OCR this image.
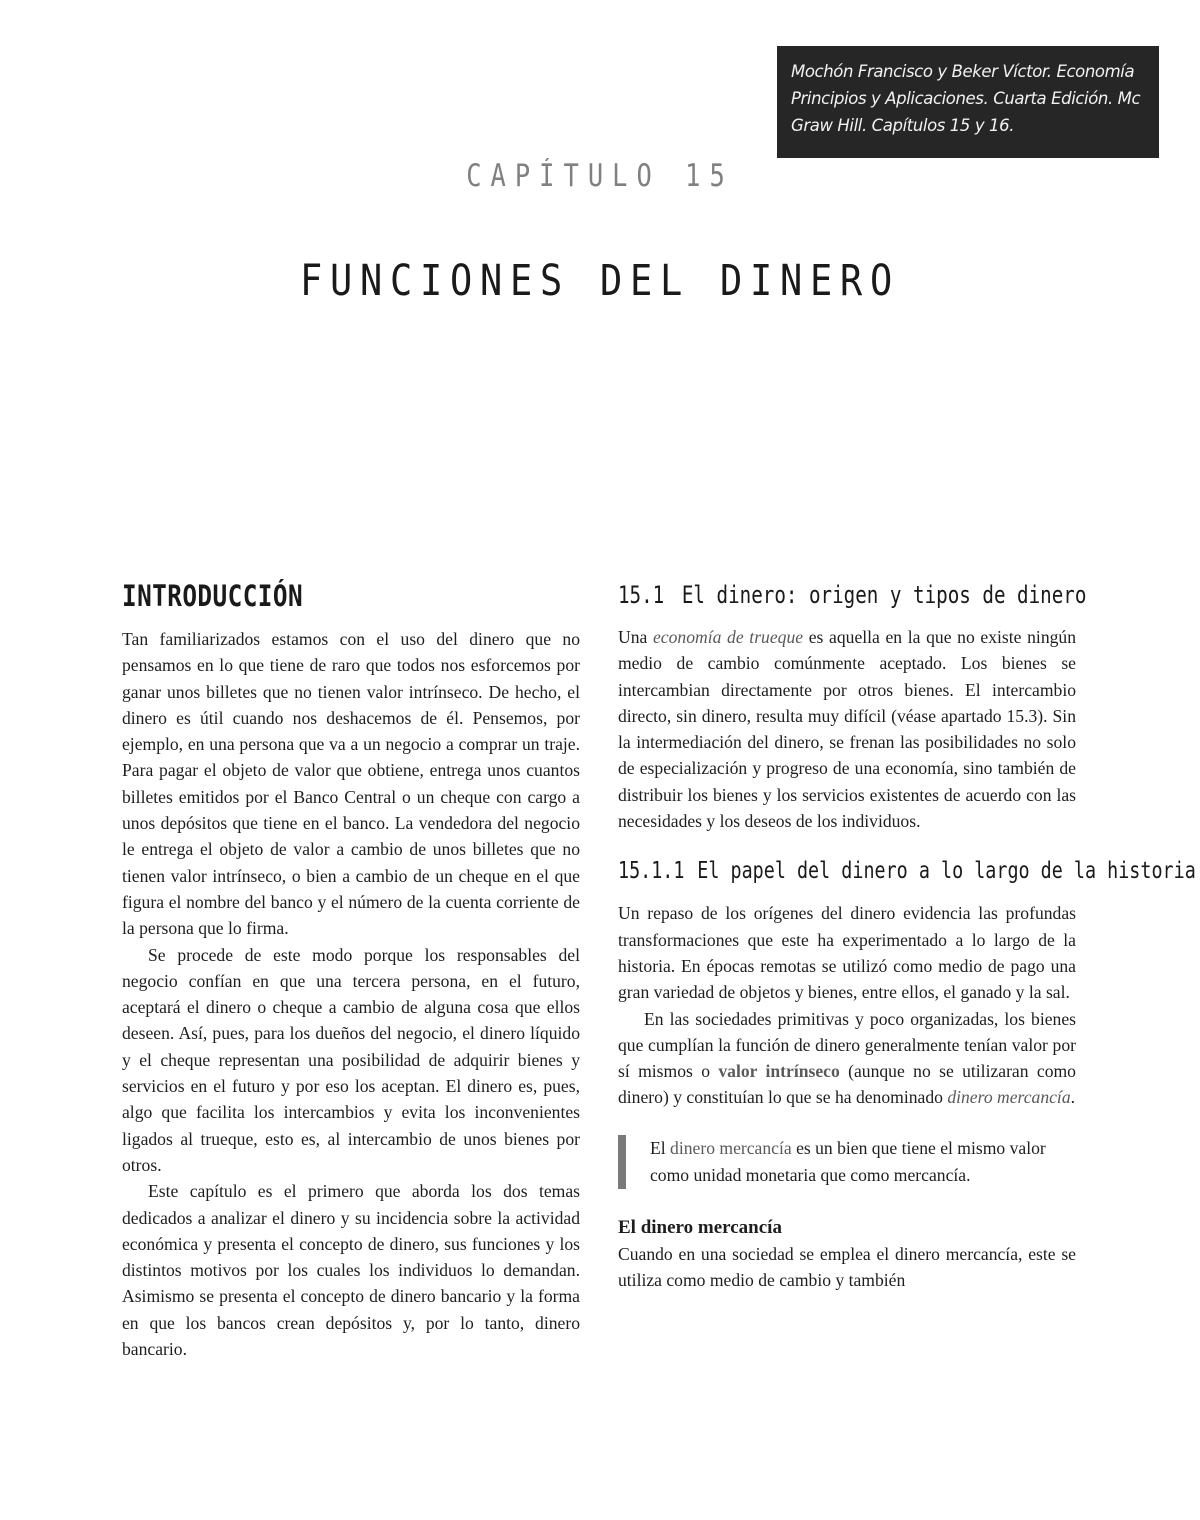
Mochón Francisco y Beker Víctor. Economía Principios y Aplicaciones. Cuarta Edición. Mc Graw Hill. Capítulos 15 y 16.

CAPÍTULO 15
FUNCIONES DEL DINERO
INTRODUCCIÓN

Tan familiarizados estamos con el uso del dinero que no pensamos en lo que tiene de raro que todos nos esforcemos por ganar unos billetes que no tienen valor intrínseco. De hecho, el dinero es útil cuando nos deshacemos de él. Pensemos, por ejemplo, en una persona que va a un negocio a comprar un traje. Para pagar el objeto de valor que obtiene, entrega unos cuantos billetes emitidos por el Banco Central o un cheque con cargo a unos depósitos que tiene en el banco. La vendedora del negocio le entrega el objeto de valor a cambio de unos billetes que no tienen valor intrínseco, o bien a cambio de un cheque en el que figura el nombre del banco y el número de la cuenta corriente de la persona que lo firma.

Se procede de este modo porque los responsables del negocio confían en que una tercera persona, en el futuro, aceptará el dinero o cheque a cambio de alguna cosa que ellos deseen. Así, pues, para los dueños del negocio, el dinero líquido y el cheque representan una posibilidad de adquirir bienes y servicios en el futuro y por eso los aceptan. El dinero es, pues, algo que facilita los intercambios y evita los inconvenientes ligados al trueque, esto es, al intercambio de unos bienes por otros.

Este capítulo es el primero que aborda los dos temas dedicados a analizar el dinero y su incidencia sobre la actividad económica y presenta el concepto de dinero, sus funciones y los distintos motivos por los cuales los individuos lo demandan. Asimismo se presenta el concepto de dinero bancario y la forma en que los bancos crean depósitos y, por lo tanto, dinero bancario.

15.1 El dinero: origen y tipos de dinero

Una economía de trueque es aquella en la que no existe ningún medio de cambio comúnmente aceptado. Los bienes se intercambian directamente por otros bienes. El intercambio directo, sin dinero, resulta muy difícil (véase apartado 15.3). Sin la intermediación del dinero, se frenan las posibilidades no solo de especialización y progreso de una economía, sino también de distribuir los bienes y los servicios existentes de acuerdo con las necesidades y los deseos de los individuos.

15.1.1 El papel del dinero a lo largo de la historia

Un repaso de los orígenes del dinero evidencia las profundas transformaciones que este ha experimentado a lo largo de la historia. En épocas remotas se utilizó como medio de pago una gran variedad de objetos y bienes, entre ellos, el ganado y la sal.

En las sociedades primitivas y poco organizadas, los bienes que cumplían la función de dinero generalmente tenían valor por sí mismos o valor intrínseco (aunque no se utilizaran como dinero) y constituían lo que se ha denominado dinero mercancía.

El dinero mercancía es un bien que tiene el mismo valor como unidad monetaria que como mercancía.
El dinero mercancía

Cuando en una sociedad se emplea el dinero mercancía, este se utiliza como medio de cambio y también
